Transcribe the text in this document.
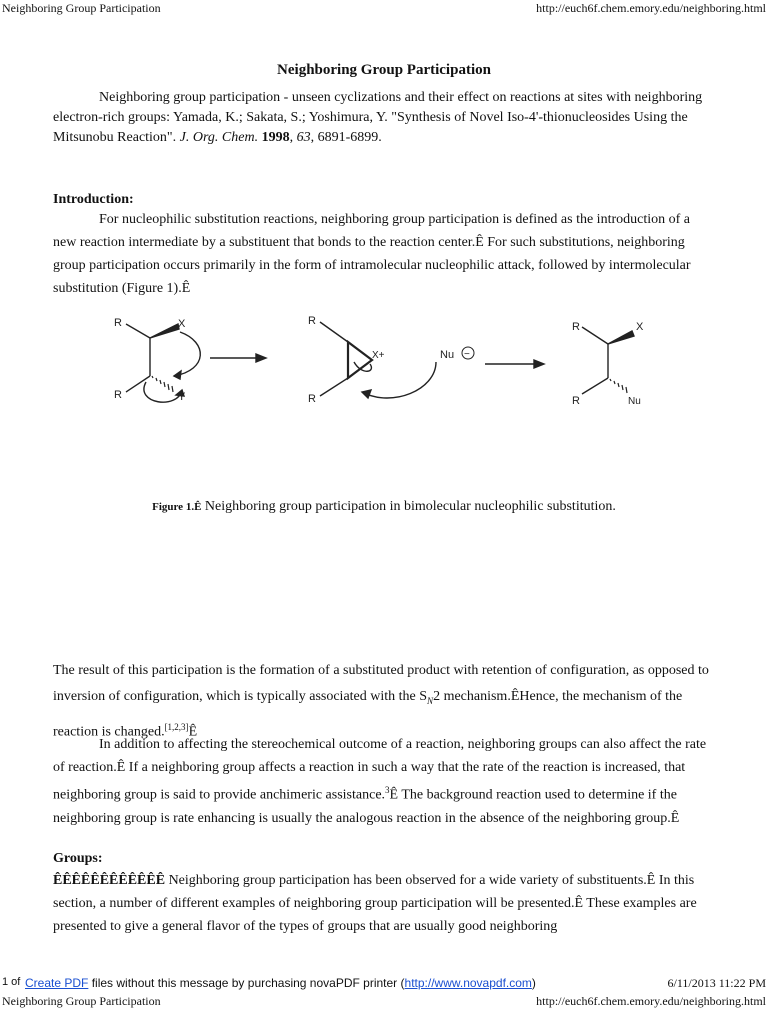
Neighboring Group Participation	http://euch6f.chem.emory.edu/neighboring.html
Neighboring Group Participation

Neighboring group participation - unseen cyclizations and their effect on reactions at sites with neighboring electron-rich groups: Yamada, K.; Sakata, S.; Yoshimura, Y. "Synthesis of Novel Iso-4'-thionucleosides Using the Mitsunobu Reaction". J. Org. Chem. 1998, 63, 6891-6899.

Introduction:

For nucleophilic substitution reactions, neighboring group participation is defined as the introduction of a new reaction intermediate by a substituent that bonds to the reaction center.Ê For such substitutions, neighboring group participation occurs primarily in the form of intramolecular nucleophilic attack, followed by intermolecular substitution (Figure 1).Ê

R	X
R	Y
R
X+
R
Nu −
R	X
R	Nu
Figure 1.Ê Neighboring group participation in bimolecular nucleophilic substitution.

The result of this participation is the formation of a substituted product with retention of configuration, as opposed to inversion of configuration, which is typically associated with the $S_N2$ mechanism.ÊHence, the mechanism of the reaction is changed.[1,2,3]Ê

In addition to affecting the stereochemical outcome of a reaction, neighboring groups can also affect the rate of reaction.Ê If a neighboring group affects a reaction in such a way that the rate of the reaction is increased, that neighboring group is said to provide anchimeric assistance.$^3$Ê The background reaction used to determine if the neighboring group is rate enhancing is usually the analogous reaction in the absence of the neighboring group.Ê

Groups:

ÊÊÊÊÊÊÊÊÊÊÊÊ Neighboring group participation has been observed for a wide variety of substituents.Ê In this section, a number of different examples of neighboring group participation will be presented.Ê These examples are presented to give a general flavor of the types of groups that are usually good neighboring

1 of Create PDF files without this message by purchasing novaPDF printer (http://www.novapdf.com)	6/11/2013 11:22 PM
Neighboring Group Participation	http://euch6f.chem.emory.edu/neighboring.html
